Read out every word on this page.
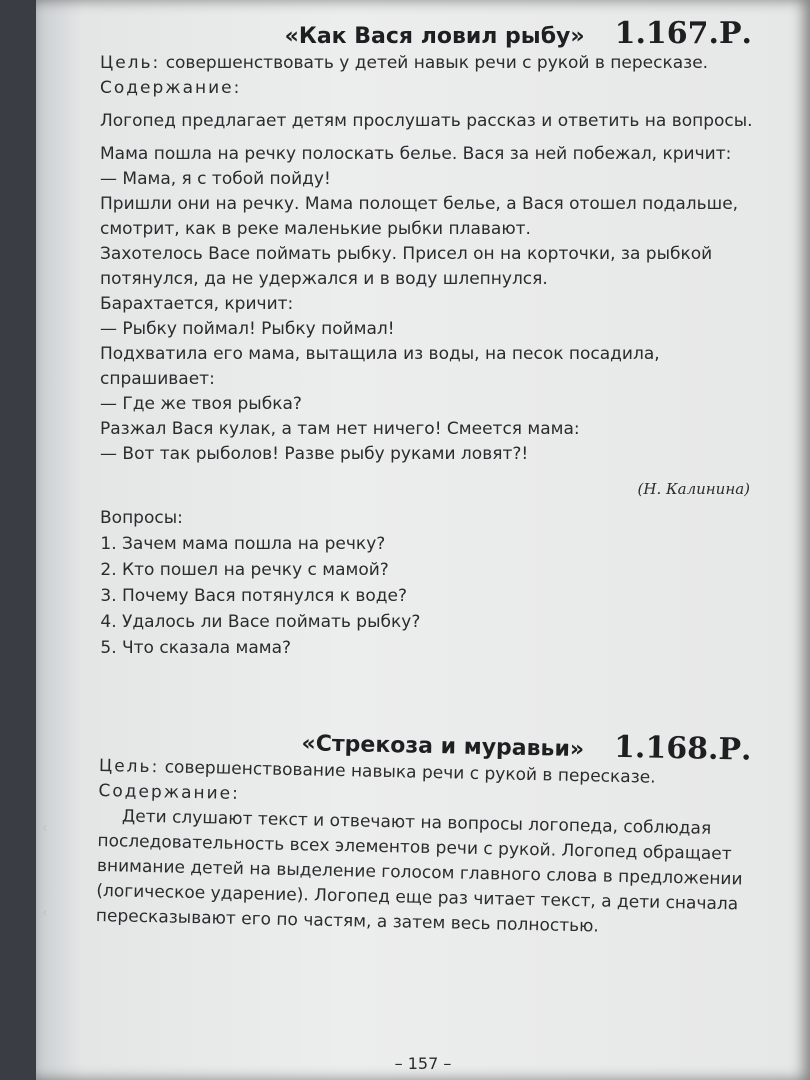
‹
‹
«Как Вася ловил рыбу» 1.167.Р.

Цель: совершенствовать у детей навык речи с рукой в пересказе.

Содержание:

Логопед предлагает детям прослушать рассказ и ответить на вопросы.

Мама пошла на речку полоскать белье. Вася за ней побежал, кричит:

— Мама, я с тобой пойду!

Пришли они на речку. Мама полощет белье, а Вася отошел подальше, смотрит, как в реке маленькие рыбки плавают.

Захотелось Васе поймать рыбку. Присел он на корточки, за рыбкой потянулся, да не удержался и в воду шлепнулся.

Барахтается, кричит:

— Рыбку поймал! Рыбку поймал!

Подхватила его мама, вытащила из воды, на песок посадила, спрашивает:

— Где же твоя рыбка?

Разжал Вася кулак, а там нет ничего! Смеется мама:

— Вот так рыболов! Разве рыбу руками ловят?!

(Н. Калинина)

Вопросы:

1. Зачем мама пошла на речку?
2. Кто пошел на речку с мамой?
3. Почему Вася потянулся к воде?
4. Удалось ли Васе поймать рыбку?
5. Что сказала мама?
«Стрекоза и муравьи» 1.168.Р.

Цель: совершенствование навыка речи с рукой в пересказе.

Содержание:

Дети слушают текст и отвечают на вопросы логопеда, соблюдая последовательность всех элементов речи с рукой. Логопед обращает внимание детей на выделение голосом главного слова в предложении (логическое ударение). Логопед еще раз читает текст, а дети сначала пересказывают его по частям, а затем весь полностью.

– 157 –
